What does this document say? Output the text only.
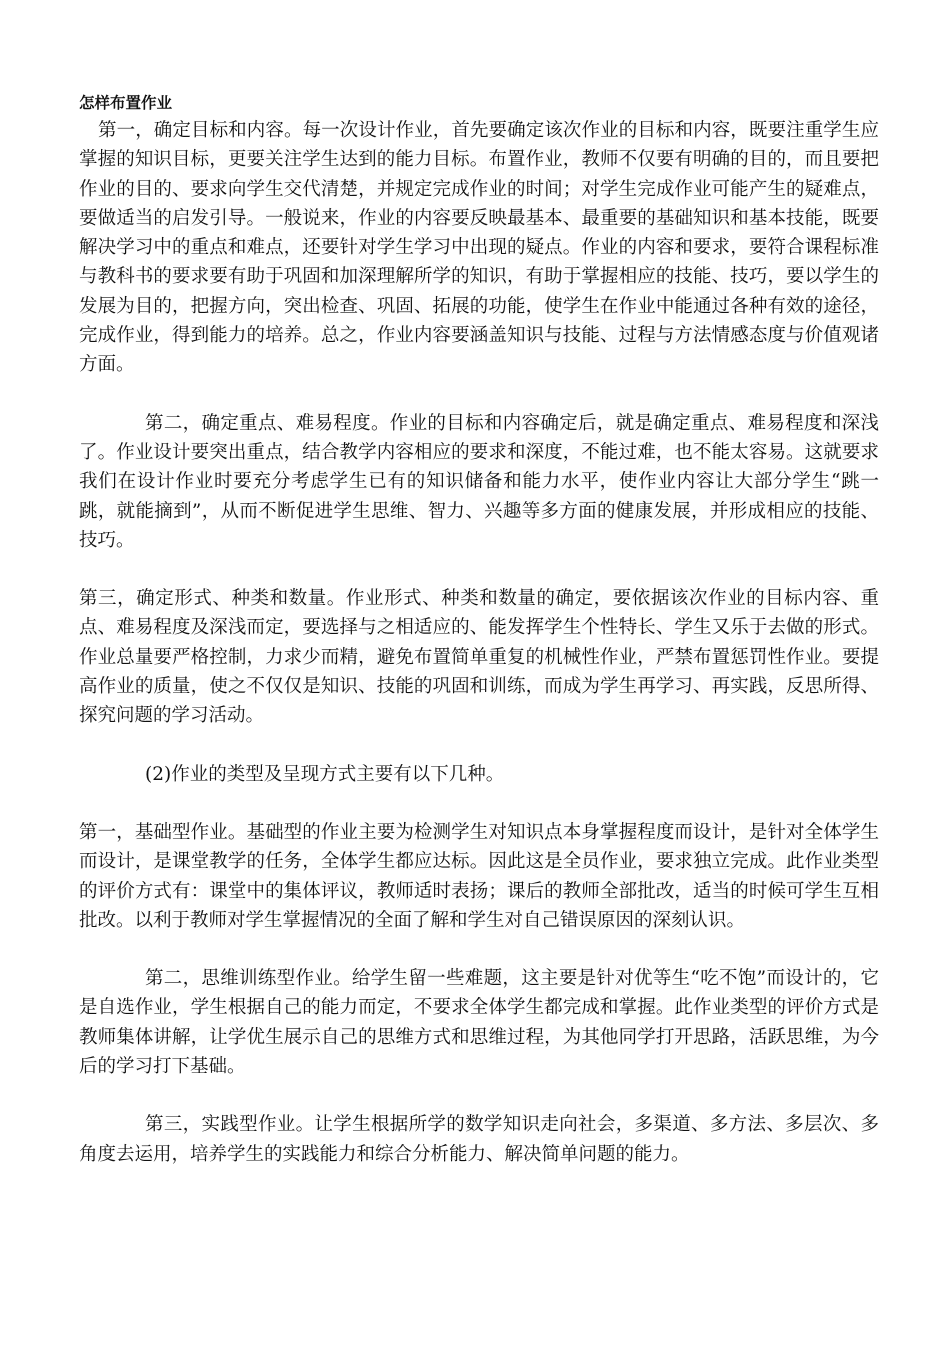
怎样布置作业

第一，确定目标和内容。每一次设计作业，首先要确定该次作业的目标和内容，既要注重学生应掌握的知识目标，更要关注学生达到的能力目标。布置作业，教师不仅要有明确的目的，而且要把作业的目的、要求向学生交代清楚，并规定完成作业的时间；对学生完成作业可能产生的疑难点，要做适当的启发引导。一般说来，作业的内容要反映最基本、最重要的基础知识和基本技能，既要解决学习中的重点和难点，还要针对学生学习中出现的疑点。作业的内容和要求，要符合课程标准与教科书的要求要有助于巩固和加深理解所学的知识，有助于掌握相应的技能、技巧，要以学生的发展为目的，把握方向，突出检查、巩固、拓展的功能，使学生在作业中能通过各种有效的途径，完成作业，得到能力的培养。总之，作业内容要涵盖知识与技能、过程与方法情感态度与价值观诸方面。

第二，确定重点、难易程度。作业的目标和内容确定后，就是确定重点、难易程度和深浅了。作业设计要突出重点，结合教学内容相应的要求和深度，不能过难，也不能太容易。这就要求我们在设计作业时要充分考虑学生已有的知识储备和能力水平，使作业内容让大部分学生“跳一跳，就能摘到”，从而不断促进学生思维、智力、兴趣等多方面的健康发展，并形成相应的技能、技巧。

第三，确定形式、种类和数量。作业形式、种类和数量的确定，要依据该次作业的目标内容、重点、难易程度及深浅而定，要选择与之相适应的、能发挥学生个性特长、学生又乐于去做的形式。作业总量要严格控制，力求少而精，避免布置简单重复的机械性作业，严禁布置惩罚性作业。要提高作业的质量，使之不仅仅是知识、技能的巩固和训练，而成为学生再学习、再实践，反思所得、探究问题的学习活动。

(2)作业的类型及呈现方式主要有以下几种。

第一，基础型作业。基础型的作业主要为检测学生对知识点本身掌握程度而设计，是针对全体学生而设计，是课堂教学的任务，全体学生都应达标。因此这是全员作业，要求独立完成。此作业类型的评价方式有：课堂中的集体评议，教师适时表扬；课后的教师全部批改，适当的时候可学生互相批改。以利于教师对学生掌握情况的全面了解和学生对自己错误原因的深刻认识。

第二，思维训练型作业。给学生留一些难题，这主要是针对优等生“吃不饱”而设计的，它是自选作业，学生根据自己的能力而定，不要求全体学生都完成和掌握。此作业类型的评价方式是教师集体讲解，让学优生展示自己的思维方式和思维过程，为其他同学打开思路，活跃思维，为今后的学习打下基础。

第三，实践型作业。让学生根据所学的数学知识走向社会，多渠道、多方法、多层次、多角度去运用，培养学生的实践能力和综合分析能力、解决简单问题的能力。
